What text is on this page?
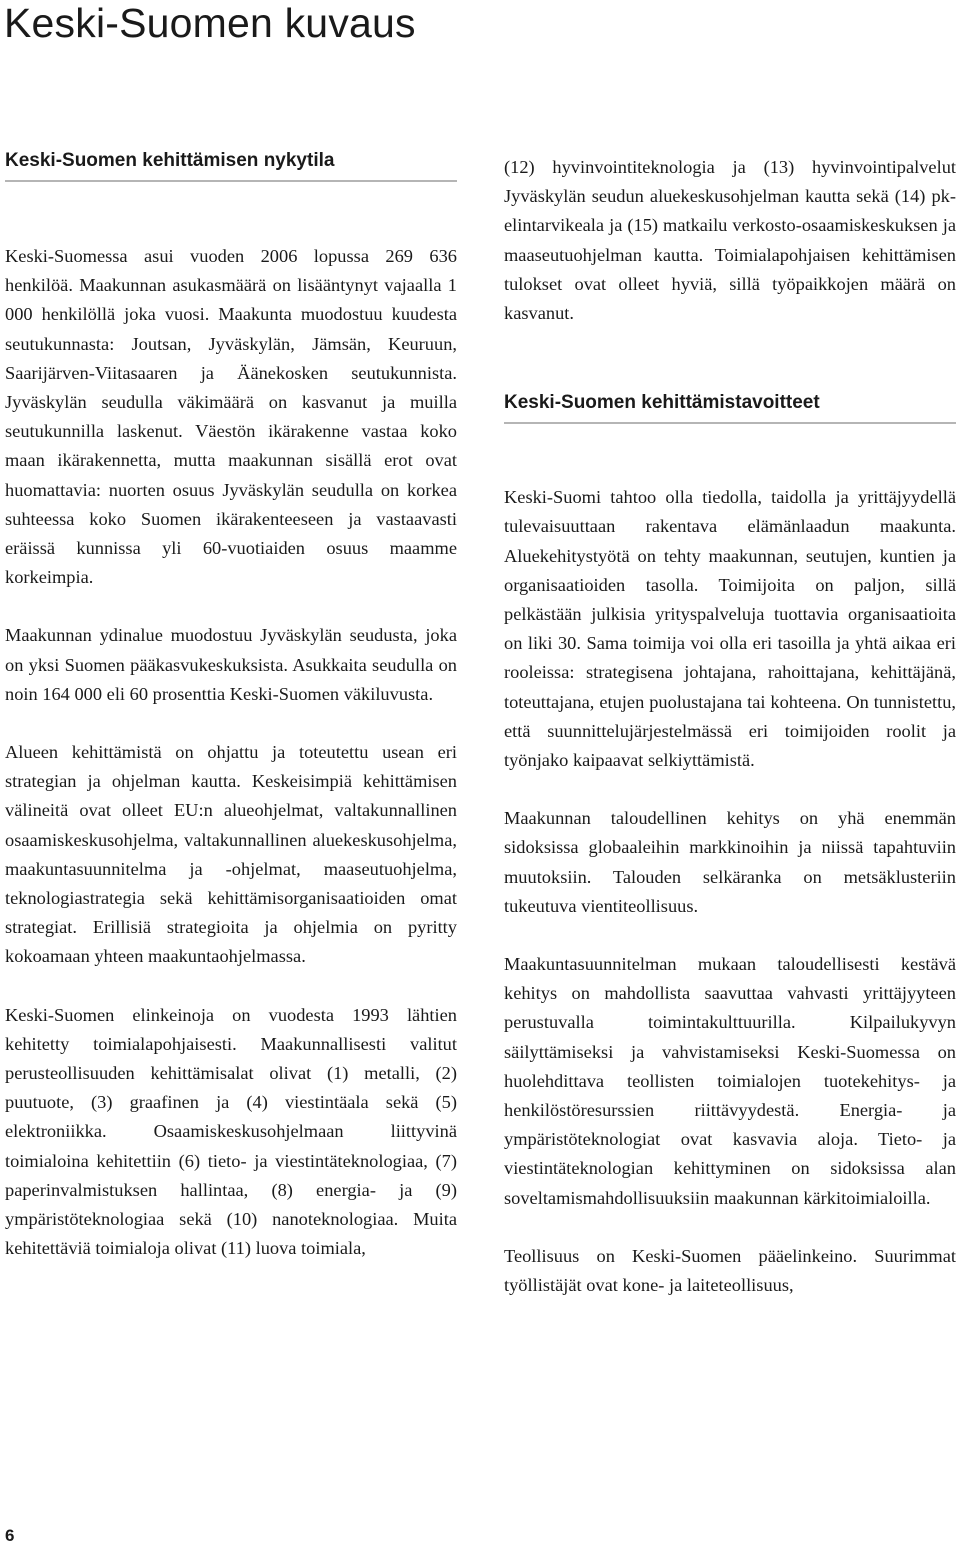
Keski-Suomen kuvaus
Keski-Suomen kehittämisen nykytila

Keski-Suomessa asui vuoden 2006 lopussa 269 636 henkilöä. Maakunnan asukasmäärä on lisääntynyt vajaalla 1 000 henkilöllä joka vuosi. Maakunta muodostuu kuudesta seutukunnasta: Joutsan, Jyväskylän, Jämsän, Keuruun, Saarijärven-Viitasaaren ja Äänekosken seutukunnista. Jyväskylän seudulla väkimäärä on kasvanut ja muilla seutukunnilla laskenut. Väestön ikärakenne vastaa koko maan ikärakennetta, mutta maakunnan sisällä erot ovat huomattavia: nuorten osuus Jyväskylän seudulla on korkea suhteessa koko Suomen ikärakenteeseen ja vastaavasti eräissä kunnissa yli 60-vuotiaiden osuus maamme korkeimpia.

Maakunnan ydinalue muodostuu Jyväskylän seudusta, joka on yksi Suomen pääkasvukeskuksista. Asukkaita seudulla on noin 164 000 eli 60 prosenttia Keski-Suomen väkiluvusta.

Alueen kehittämistä on ohjattu ja toteutettu usean eri strategian ja ohjelman kautta. Keskeisimpiä kehittämisen välineitä ovat olleet EU:n alueohjelmat, valtakunnallinen osaamiskeskusohjelma, valtakunnallinen aluekeskusohjelma, maakuntasuunnitelma ja -ohjelmat, maaseutuohjelma, teknologiastrategia sekä kehittämisorganisaatioiden omat strategiat. Erillisiä strategioita ja ohjelmia on pyritty kokoamaan yhteen maakuntaohjelmassa.

Keski-Suomen elinkeinoja on vuodesta 1993 lähtien kehitetty toimialapohjaisesti. Maakunnallisesti valitut perusteollisuuden kehittämisalat olivat (1) metalli, (2) puutuote, (3) graafinen ja (4) viestintäala sekä (5) elektroniikka. Osaamiskeskusohjelmaan liittyvinä toimialoina kehitettiin (6) tieto- ja viestintäteknologiaa, (7) paperinvalmistuksen hallintaa, (8) energia- ja (9) ympäristöteknologiaa sekä (10) nanoteknologiaa. Muita kehitettäviä toimialoja olivat (11) luova toimiala,

(12) hyvinvointiteknologia ja (13) hyvinvointipalvelut Jyväskylän seudun aluekeskusohjelman kautta sekä (14) pk-elintarvikeala ja (15) matkailu verkosto-osaamiskeskuksen ja maaseutuohjelman kautta. Toimialapohjaisen kehittämisen tulokset ovat olleet hyviä, sillä työpaikkojen määrä on kasvanut.

Keski-Suomen kehittämistavoitteet

Keski-Suomi tahtoo olla tiedolla, taidolla ja yrittäjyydellä tulevaisuuttaan rakentava elämänlaadun maakunta. Aluekehitystyötä on tehty maakunnan, seutujen, kuntien ja organisaatioiden tasolla. Toimijoita on paljon, sillä pelkästään julkisia yrityspalveluja tuottavia organisaatioita on liki 30. Sama toimija voi olla eri tasoilla ja yhtä aikaa eri rooleissa: strategisena johtajana, rahoittajana, kehittäjänä, toteuttajana, etujen puolustajana tai kohteena. On tunnistettu, että suunnittelujärjestelmässä eri toimijoiden roolit ja työnjako kaipaavat selkiyttämistä.

Maakunnan taloudellinen kehitys on yhä enemmän sidoksissa globaaleihin markkinoihin ja niissä tapahtuviin muutoksiin. Talouden selkäranka on metsäklusteriin tukeutuva vientiteollisuus.

Maakuntasuunnitelman mukaan taloudellisesti kestävä kehitys on mahdollista saavuttaa vahvasti yrittäjyyteen perustuvalla toimintakulttuurilla. Kilpailukyvyn säilyttämiseksi ja vahvistamiseksi Keski-Suomessa on huolehdittava teollisten toimialojen tuotekehitys- ja henkilöstöresurssien riittävyydestä. Energia- ja ympäristöteknologiat ovat kasvavia aloja. Tieto- ja viestintäteknologian kehittyminen on sidoksissa alan soveltamismahdollisuuksiin maakunnan kärkitoimialoilla.

Teollisuus on Keski-Suomen pääelinkeino. Suurimmat työllistäjät ovat kone- ja laiteteollisuus,

6
